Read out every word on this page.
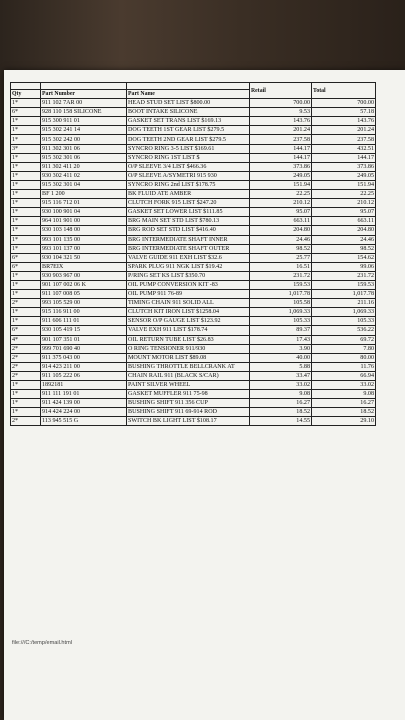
			Retail	Total
Qty	Part Number	Part Name		
1*	911 102 7AR 00	HEAD STUD SET LIST $800.00	700.00	700.00
6*	928 110 158 SILICONE	BOOT INTAKE SILICONE	9.53	57.18
1*	915 300 911 01	GASKET SET TRANS LIST $169.13	143.76	143.76
1*	915 302 241 14	DOG TEETH 1ST GEAR LIST $279.5	201.24	201.24
1*	915 302 242 00	DOG TEETH 2ND GEAR LIST $279.5	237.58	237.58
3*	911 302 301 06	SYNCRO RING 3-5 LIST $169.61	144.17	432.51
1*	915 302 301 06	SYNCRO RING 1ST LIST $	144.17	144.17
1*	911 302 411 20	O/P SLEEVE 3/4 LIST $466.36	373.86	373.86
1*	930 302 411 02	O/P SLEEVE A/SYMETRI 915 930	249.05	249.05
1*	915 302 301 04	SYNCRO RING 2nd LIST $178.75	151.94	151.94
1*	BF 1 200	BK FLUID ATE AMBER	22.25	22.25
1*	915 116 712 01	CLUTCH FORK 915 LIST $247.20	210.12	210.12
1*	930 100 901 04	GASKET SET LOWER LIST $111.85	95.07	95.07
1*	964 101 901 00	BRG MAIN SET STD LIST $780.13	663.11	663.11
1*	930 103 148 00	BRG ROD SET STD LIST $416.40	204.80	204.80
1*	993 101 135 00	BRG INTERMEDIATE SHAFT INNER	24.46	24.46
1*	993 101 137 00	BRG INTERMEDIATE SHAFT OUTER	98.52	98.52
6*	930 104 321 50	VALVE GUIDE 911 EXH LIST $32.6	25.77	154.62
6*	BR7EIX	SPARK PLUG 911 NGK LIST $19.42	16.51	99.06
1*	930 903 967 00	P/RING SET KS LIST $350.70	231.72	231.72
1*	901 107 002 06 K	OIL PUMP CONVERSION KIT -83	159.53	159.53
1*	911 107 008 05	OIL PUMP 911 76-89	1,017.78	1,017.78
2*	993 105 529 00	TIMING CHAIN 911 SOLID ALL	105.58	211.16
1*	915 116 911 00	CLUTCH KIT IRON LIST $1258.04	1,069.33	1,069.33
1*	911 606 111 01	SENSOR O/P GAUGE LIST $123.92	105.33	105.33
6*	930 105 419 15	VALVE EXH 911 LIST $178.74	89.37	536.22
4*	901 107 351 01	OIL RETURN TUBE LIST $26.83	17.43	69.72
2*	999 701 690 40	O RING TENSIONER 911/930	3.90	7.80
2*	911 375 043 00	MOUNT MOTOR LIST $89.08	40.00	80.00
2*	914 423 211 00	BUSHING THROTTLE BELLCRANK AT	5.88	11.76
2*	911 105 222 06	CHAIN RAIL 911 (BLACK S/CAR)	33.47	66.94
1*	1892181	PAINT SILVER WHEEL	33.02	33.02
1*	911 111 191 01	GASKET MUFFLER 911 75-98	9.08	9.08
1*	911 424 139 00	BUSHING SHIFT 911 356 CUP	16.27	16.27
1*	914 424 224 00	BUSHING SHIFT 911 69-914 ROD	18.52	18.52
2*	113 945 515 G	SWITCH BK LIGHT LIST $108.17	14.55	29.10
file:///C:/temp/email.html
